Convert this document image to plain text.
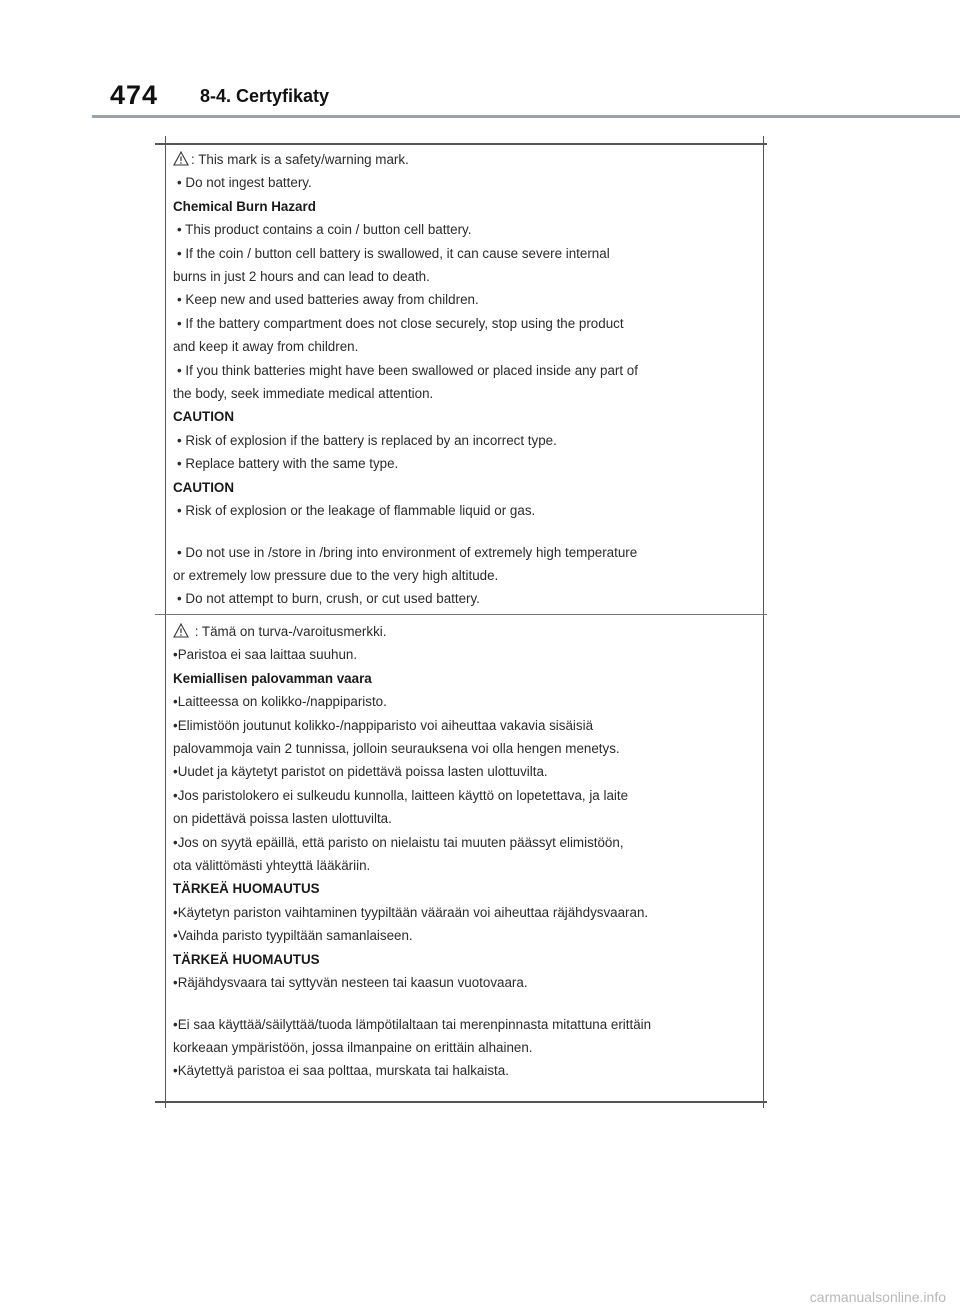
474 8-4. Certyfikaty

: This mark is a safety/warning mark.

• Do not ingest battery.

Chemical Burn Hazard

• This product contains a coin / button cell battery.

• If the coin / button cell battery is swallowed, it can cause severe internal

burns in just 2 hours and can lead to death.

• Keep new and used batteries away from children.

• If the battery compartment does not close securely, stop using the product

and keep it away from children.

• If you think batteries might have been swallowed or placed inside any part of

the body, seek immediate medical attention.

CAUTION

• Risk of explosion if the battery is replaced by an incorrect type.

• Replace battery with the same type.

CAUTION

• Risk of explosion or the leakage of flammable liquid or gas.

• Do not use in /store in /bring into environment of extremely high temperature

or extremely low pressure due to the very high altitude.

• Do not attempt to burn, crush, or cut used battery.

: Tämä on turva-/varoitusmerkki.

•Paristoa ei saa laittaa suuhun.

Kemiallisen palovamman vaara

•Laitteessa on kolikko-/nappiparisto.

•Elimistöön joutunut kolikko-/nappiparisto voi aiheuttaa vakavia sisäisiä

palovammoja vain 2 tunnissa, jolloin seurauksena voi olla hengen menetys.

•Uudet ja käytetyt paristot on pidettävä poissa lasten ulottuvilta.

•Jos paristolokero ei sulkeudu kunnolla, laitteen käyttö on lopetettava, ja laite

on pidettävä poissa lasten ulottuvilta.

•Jos on syytä epäillä, että paristo on nielaistu tai muuten päässyt elimistöön,

ota välittömästi yhteyttä lääkäriin.

TÄRKEÄ HUOMAUTUS

•Käytetyn pariston vaihtaminen tyypiltään vääraän voi aiheuttaa räjähdysvaaran.

•Vaihda paristo tyypiltään samanlaiseen.

TÄRKEÄ HUOMAUTUS

•Räjähdysvaara tai syttyvän nesteen tai kaasun vuotovaara.

•Ei saa käyttää/säilyttää/tuoda lämpötilaltaan tai merenpinnasta mitattuna erittäin

korkeaan ympäristöön, jossa ilmanpaine on erittäin alhainen.

•Käytettyä paristoa ei saa polttaa, murskata tai halkaista.

carmanualsonline.info
